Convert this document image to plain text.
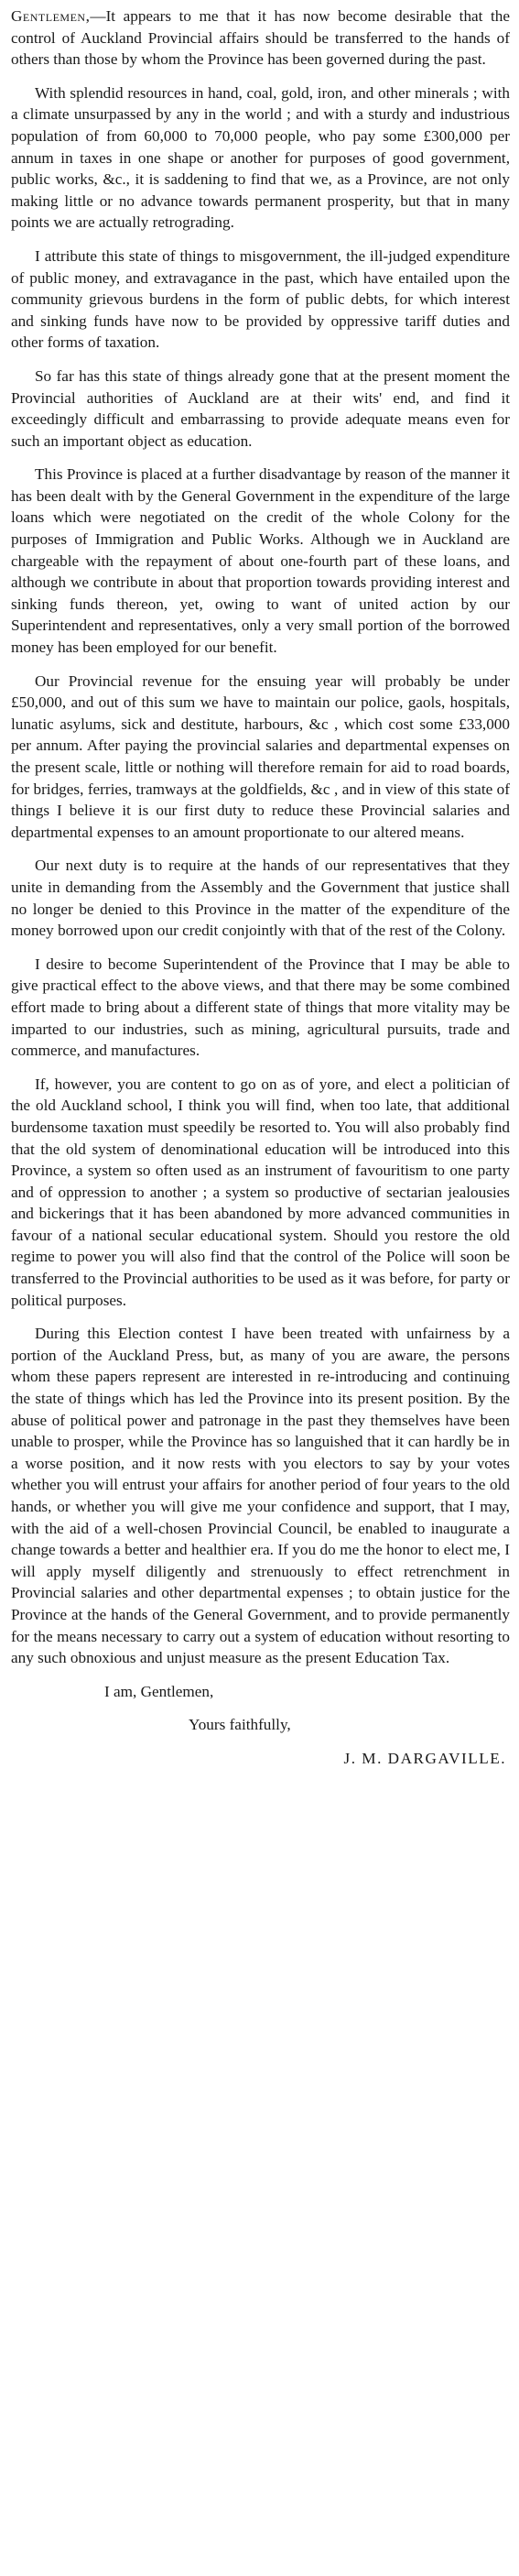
Gentlemen,—It appears to me that it has now become desirable that the control of Auckland Provincial affairs should be transferred to the hands of others than those by whom the Province has been governed during the past.

With splendid resources in hand, coal, gold, iron, and other minerals ; with a climate unsurpassed by any in the world ; and with a sturdy and industrious population of from 60,000 to 70,000 people, who pay some £300,000 per annum in taxes in one shape or another for purposes of good government, public works, &c., it is saddening to find that we, as a Province, are not only making little or no advance towards permanent prosperity, but that in many points we are actually retrograding.

I attribute this state of things to misgovernment, the ill-judged expenditure of public money, and extravagance in the past, which have entailed upon the community grievous burdens in the form of public debts, for which interest and sinking funds have now to be provided by oppressive tariff duties and other forms of taxation.

So far has this state of things already gone that at the present moment the Provincial authorities of Auckland are at their wits' end, and find it exceedingly difficult and embarrassing to provide adequate means even for such an important object as education.

This Province is placed at a further disadvantage by reason of the manner it has been dealt with by the General Government in the expenditure of the large loans which were negotiated on the credit of the whole Colony for the purposes of Immigration and Public Works. Although we in Auckland are chargeable with the repayment of about one-fourth part of these loans, and although we contribute in about that proportion towards providing interest and sinking funds thereon, yet, owing to want of united action by our Superintendent and representatives, only a very small portion of the borrowed money has been employed for our benefit.

Our Provincial revenue for the ensuing year will probably be under £50,000, and out of this sum we have to maintain our police, gaols, hospitals, lunatic asylums, sick and destitute, harbours, &c , which cost some £33,000 per annum. After paying the provincial salaries and departmental expenses on the present scale, little or nothing will therefore remain for aid to road boards, for bridges, ferries, tramways at the goldfields, &c , and in view of this state of things I believe it is our first duty to reduce these Provincial salaries and departmental expenses to an amount proportionate to our altered means.

Our next duty is to require at the hands of our representatives that they unite in demanding from the Assembly and the Government that justice shall no longer be denied to this Province in the matter of the expenditure of the money borrowed upon our credit conjointly with that of the rest of the Colony.

I desire to become Superintendent of the Province that I may be able to give practical effect to the above views, and that there may be some combined effort made to bring about a different state of things that more vitality may be imparted to our industries, such as mining, agricultural pursuits, trade and commerce, and manufactures.

If, however, you are content to go on as of yore, and elect a politician of the old Auckland school, I think you will find, when too late, that additional burdensome taxation must speedily be resorted to. You will also probably find that the old system of denominational education will be introduced into this Province, a system so often used as an instrument of favouritism to one party and of oppression to another ; a system so productive of sectarian jealousies and bickerings that it has been abandoned by more advanced communities in favour of a national secular educational system. Should you restore the old regime to power you will also find that the control of the Police will soon be transferred to the Provincial authorities to be used as it was before, for party or political purposes.

During this Election contest I have been treated with unfairness by a portion of the Auckland Press, but, as many of you are aware, the persons whom these papers represent are interested in re-introducing and continuing the state of things which has led the Province into its present position. By the abuse of political power and patronage in the past they themselves have been unable to prosper, while the Province has so languished that it can hardly be in a worse position, and it now rests with you electors to say by your votes whether you will entrust your affairs for another period of four years to the old hands, or whether you will give me your confidence and support, that I may, with the aid of a well-chosen Provincial Council, be enabled to inaugurate a change towards a better and healthier era. If you do me the honor to elect me, I will apply myself diligently and strenuously to effect retrenchment in Provincial salaries and other departmental expenses ; to obtain justice for the Province at the hands of the General Government, and to provide permanently for the means necessary to carry out a system of education without resorting to any such obnoxious and unjust measure as the present Education Tax.

I am, Gentlemen,

Yours faithfully,

J. M. DARGAVILLE.
